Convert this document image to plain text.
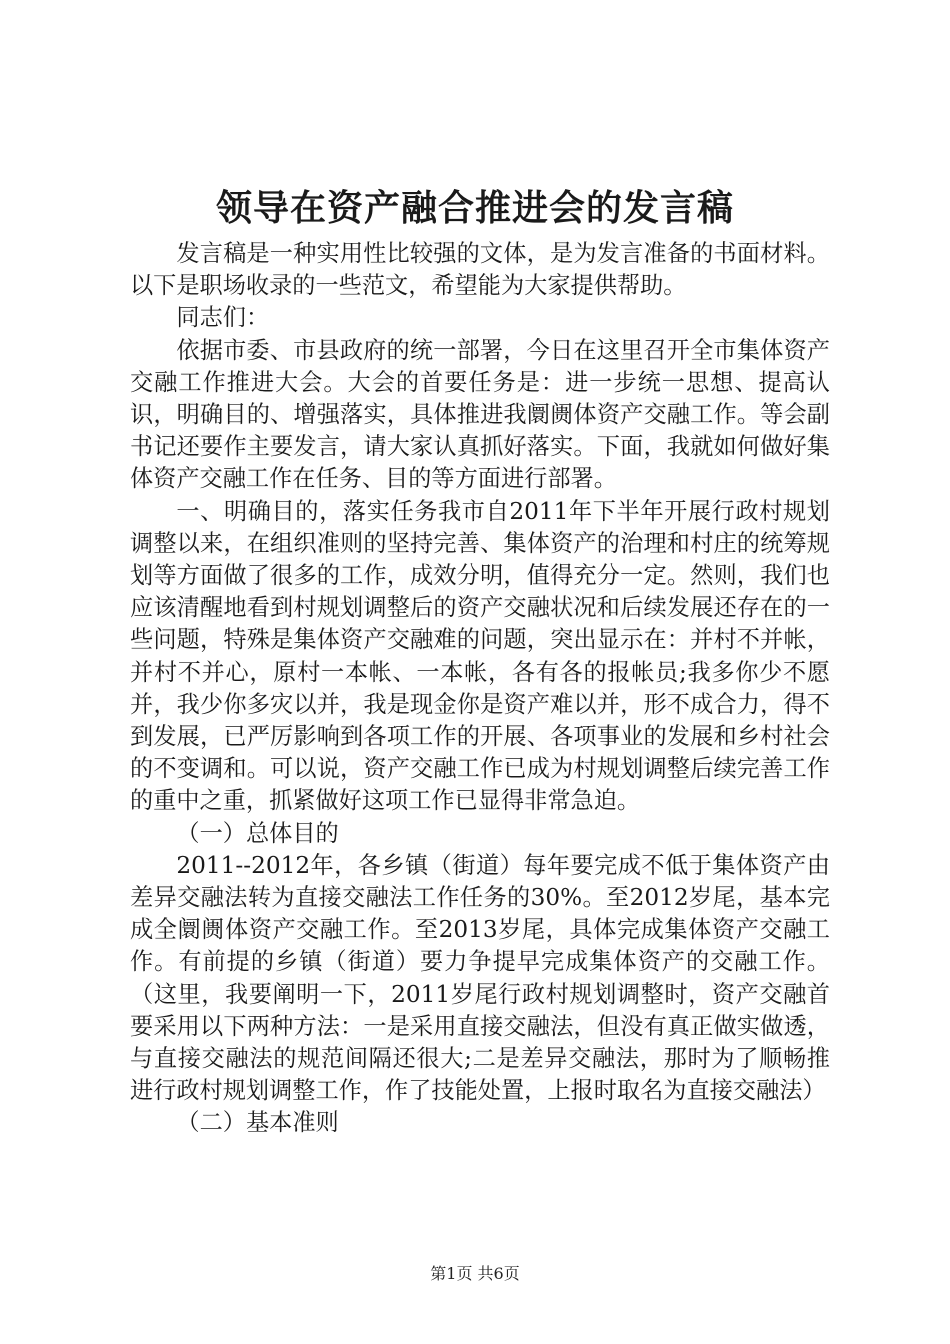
领导在资产融合推进会的发言稿

发言稿是一种实用性比较强的文体，是为发言准备的书面材料。以下是职场收录的一些范文，希望能为大家提供帮助。

同志们：

依据市委、市县政府的统一部署，今日在这里召开全市集体资产交融工作推进大会。大会的首要任务是：进一步统一思想、提高认识，明确目的、增强落实，具体推进我阛阓体资产交融工作。等会副书记还要作主要发言，请大家认真抓好落实。下面，我就如何做好集体资产交融工作在任务、目的等方面进行部署。

一、明确目的，落实任务我市自2011年下半年开展行政村规划调整以来，在组织准则的坚持完善、集体资产的治理和村庄的统筹规划等方面做了很多的工作，成效分明，值得充分一定。然则，我们也应该清醒地看到村规划调整后的资产交融状况和后续发展还存在的一些问题，特殊是集体资产交融难的问题，突出显示在：并村不并帐，并村不并心，原村一本帐、一本帐，各有各的报帐员;我多你少不愿并，我少你多灾以并，我是现金你是资产难以并，形不成合力，得不到发展，已严厉影响到各项工作的开展、各项事业的发展和乡村社会的不变调和。可以说，资产交融工作已成为村规划调整后续完善工作的重中之重，抓紧做好这项工作已显得非常急迫。

（一）总体目的

2011--2012年，各乡镇（街道）每年要完成不低于集体资产由差异交融法转为直接交融法工作任务的30%。至2012岁尾，基本完成全阛阓体资产交融工作。至2013岁尾，具体完成集体资产交融工作。有前提的乡镇（街道）要力争提早完成集体资产的交融工作。（这里，我要阐明一下，2011岁尾行政村规划调整时，资产交融首要采用以下两种方法：一是采用直接交融法，但没有真正做实做透，与直接交融法的规范间隔还很大;二是差异交融法，那时为了顺畅推进行政村规划调整工作，作了技能处置，上报时取名为直接交融法）

（二）基本准则

第1页 共6页
